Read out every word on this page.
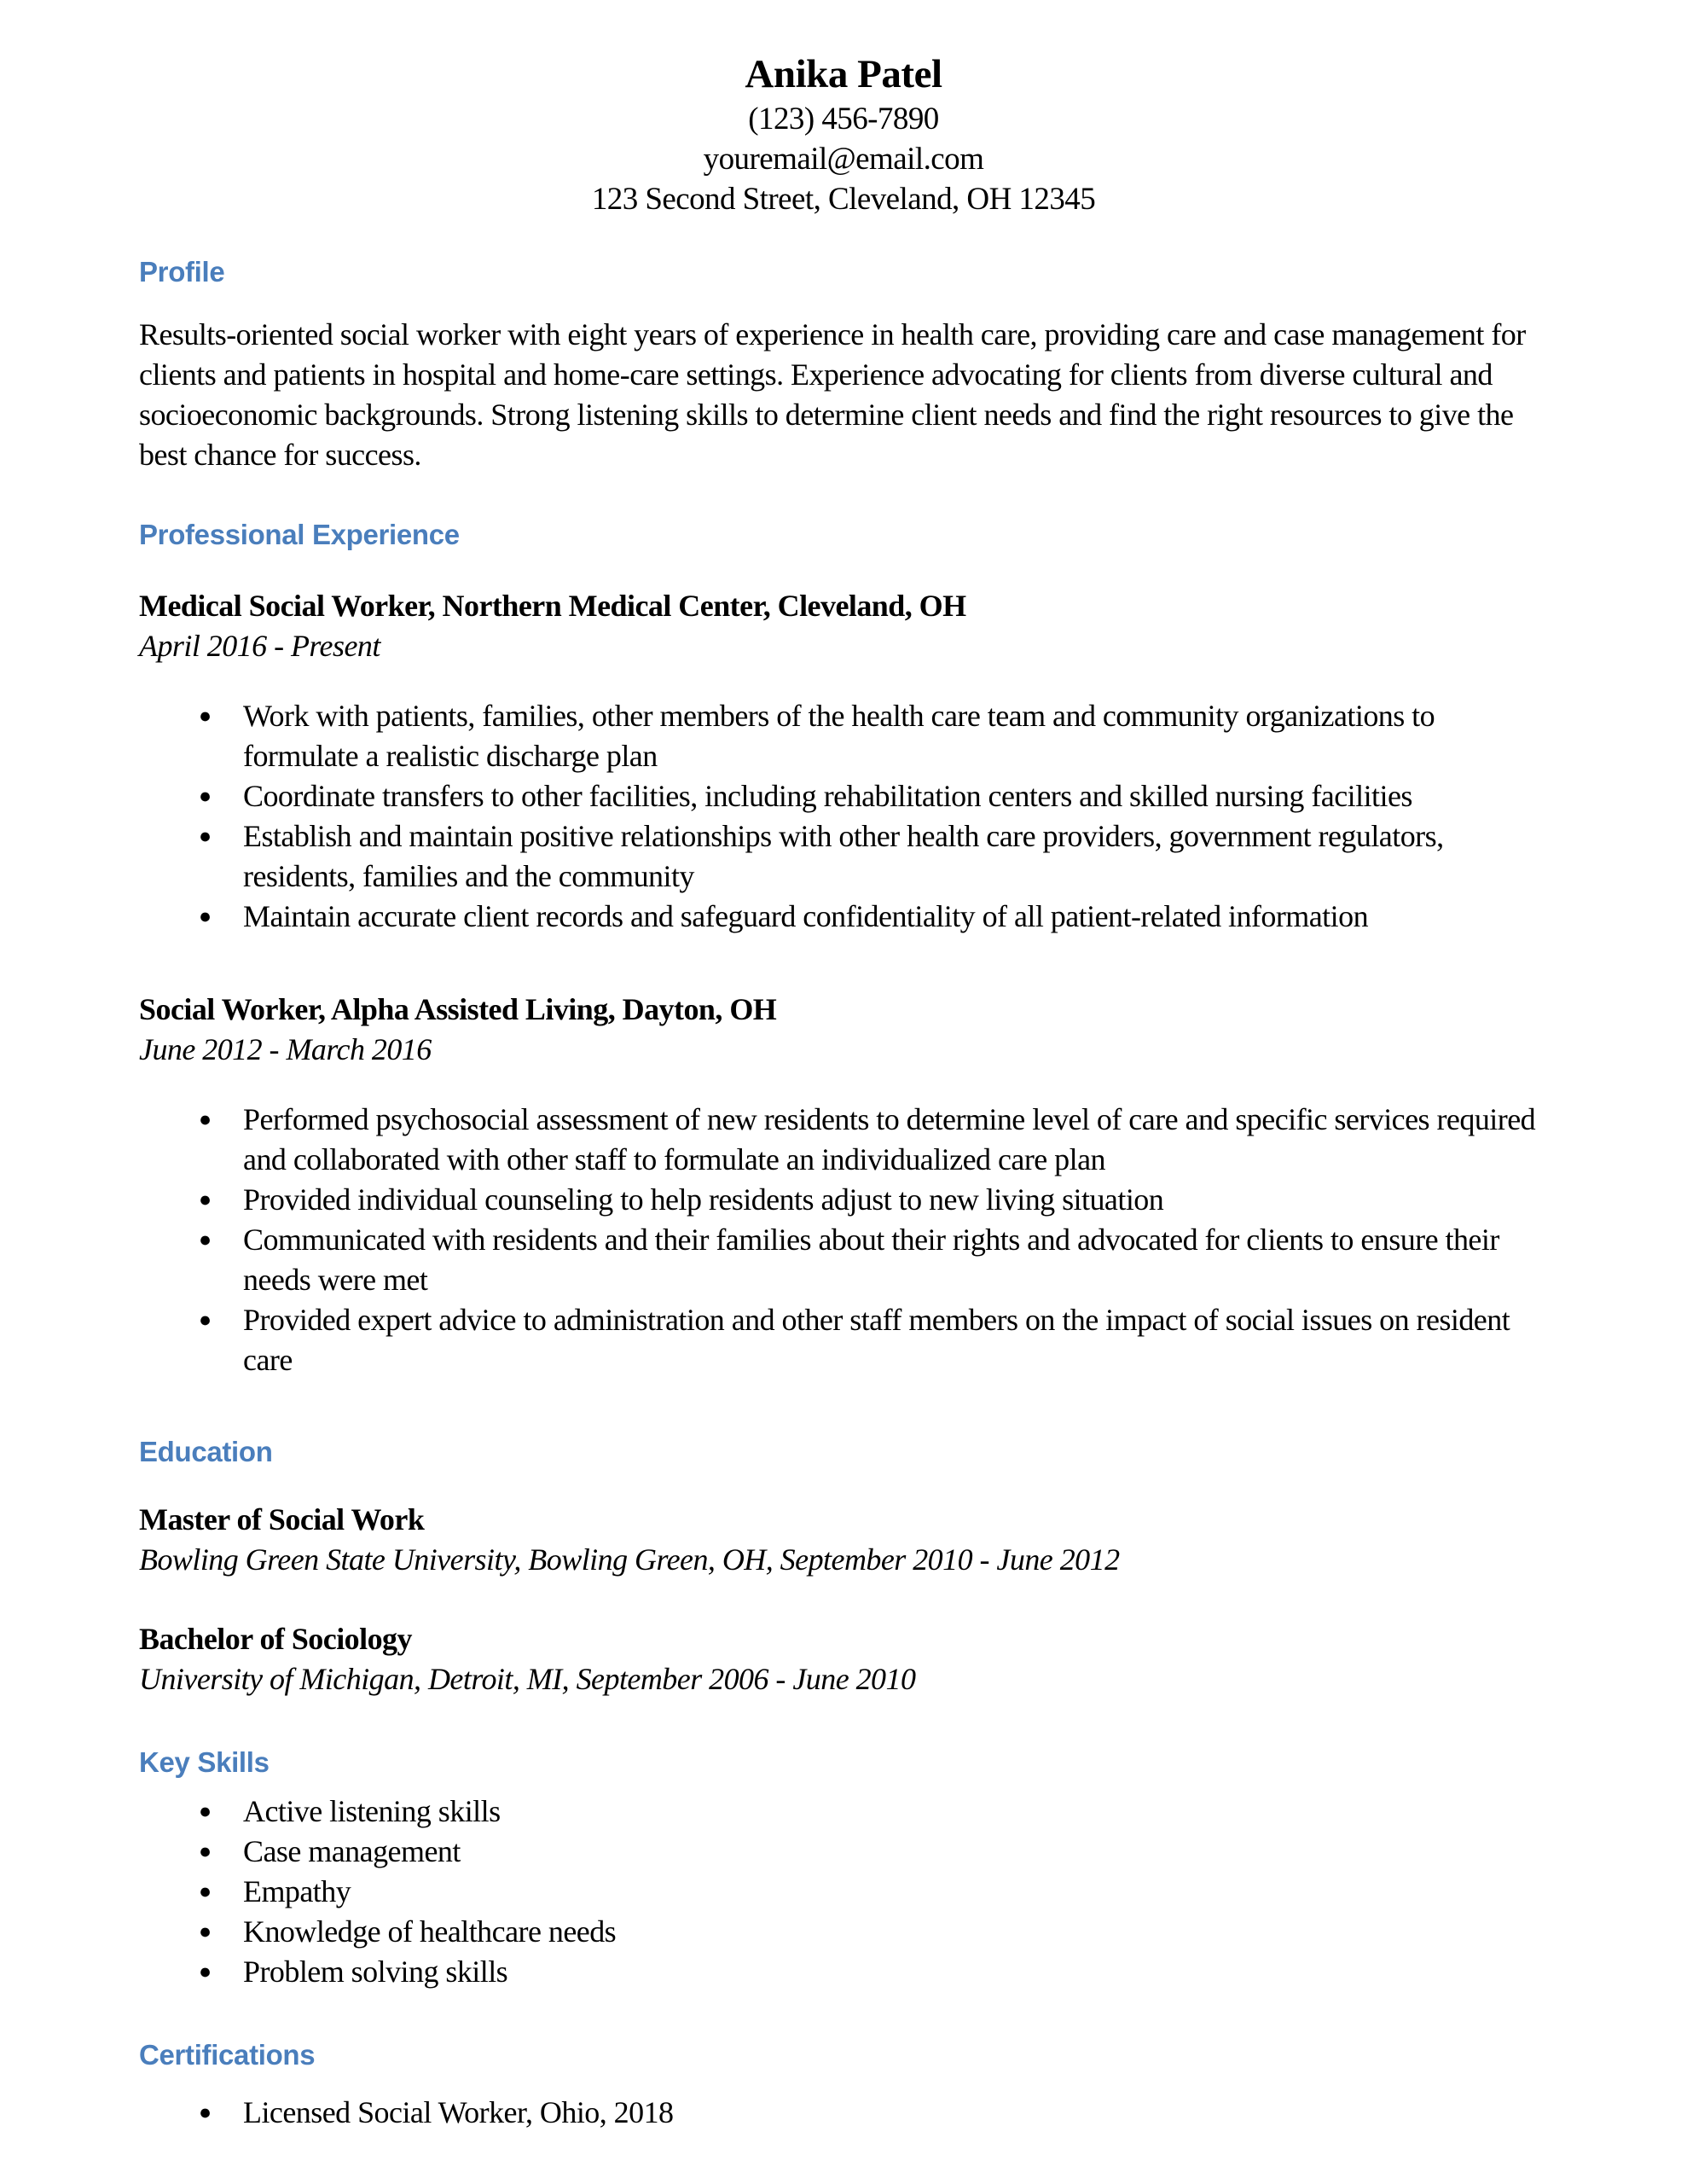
Anika Patel
(123) 456-7890
youremail@email.com
123 Second Street, Cleveland, OH 12345
Profile
Results-oriented social worker with eight years of experience in health care, providing care and case management for clients and patients in hospital and home-care settings. Experience advocating for clients from diverse cultural and socioeconomic backgrounds. Strong listening skills to determine client needs and find the right resources to give the best chance for success.
Professional Experience
Medical Social Worker, Northern Medical Center, Cleveland, OH
April 2016 - Present
●
Work with patients, families, other members of the health care team and community organizations to formulate a realistic discharge plan
●
Coordinate transfers to other facilities, including rehabilitation centers and skilled nursing facilities
●
Establish and maintain positive relationships with other health care providers, government regulators, residents, families and the community
●
Maintain accurate client records and safeguard confidentiality of all patient-related information
Social Worker, Alpha Assisted Living, Dayton, OH
June 2012 - March 2016
●
Performed psychosocial assessment of new residents to determine level of care and specific services required and collaborated with other staff to formulate an individualized care plan
●
Provided individual counseling to help residents adjust to new living situation
●
Communicated with residents and their families about their rights and advocated for clients to ensure their needs were met
●
Provided expert advice to administration and other staff members on the impact of social issues on resident care
Education
Master of Social Work
Bowling Green State University, Bowling Green, OH, September 2010 - June 2012
Bachelor of Sociology
University of Michigan, Detroit, MI, September 2006 - June 2010
Key Skills
●
Active listening skills
●
Case management
●
Empathy
●
Knowledge of healthcare needs
●
Problem solving skills
Certifications
●
Licensed Social Worker, Ohio, 2018
